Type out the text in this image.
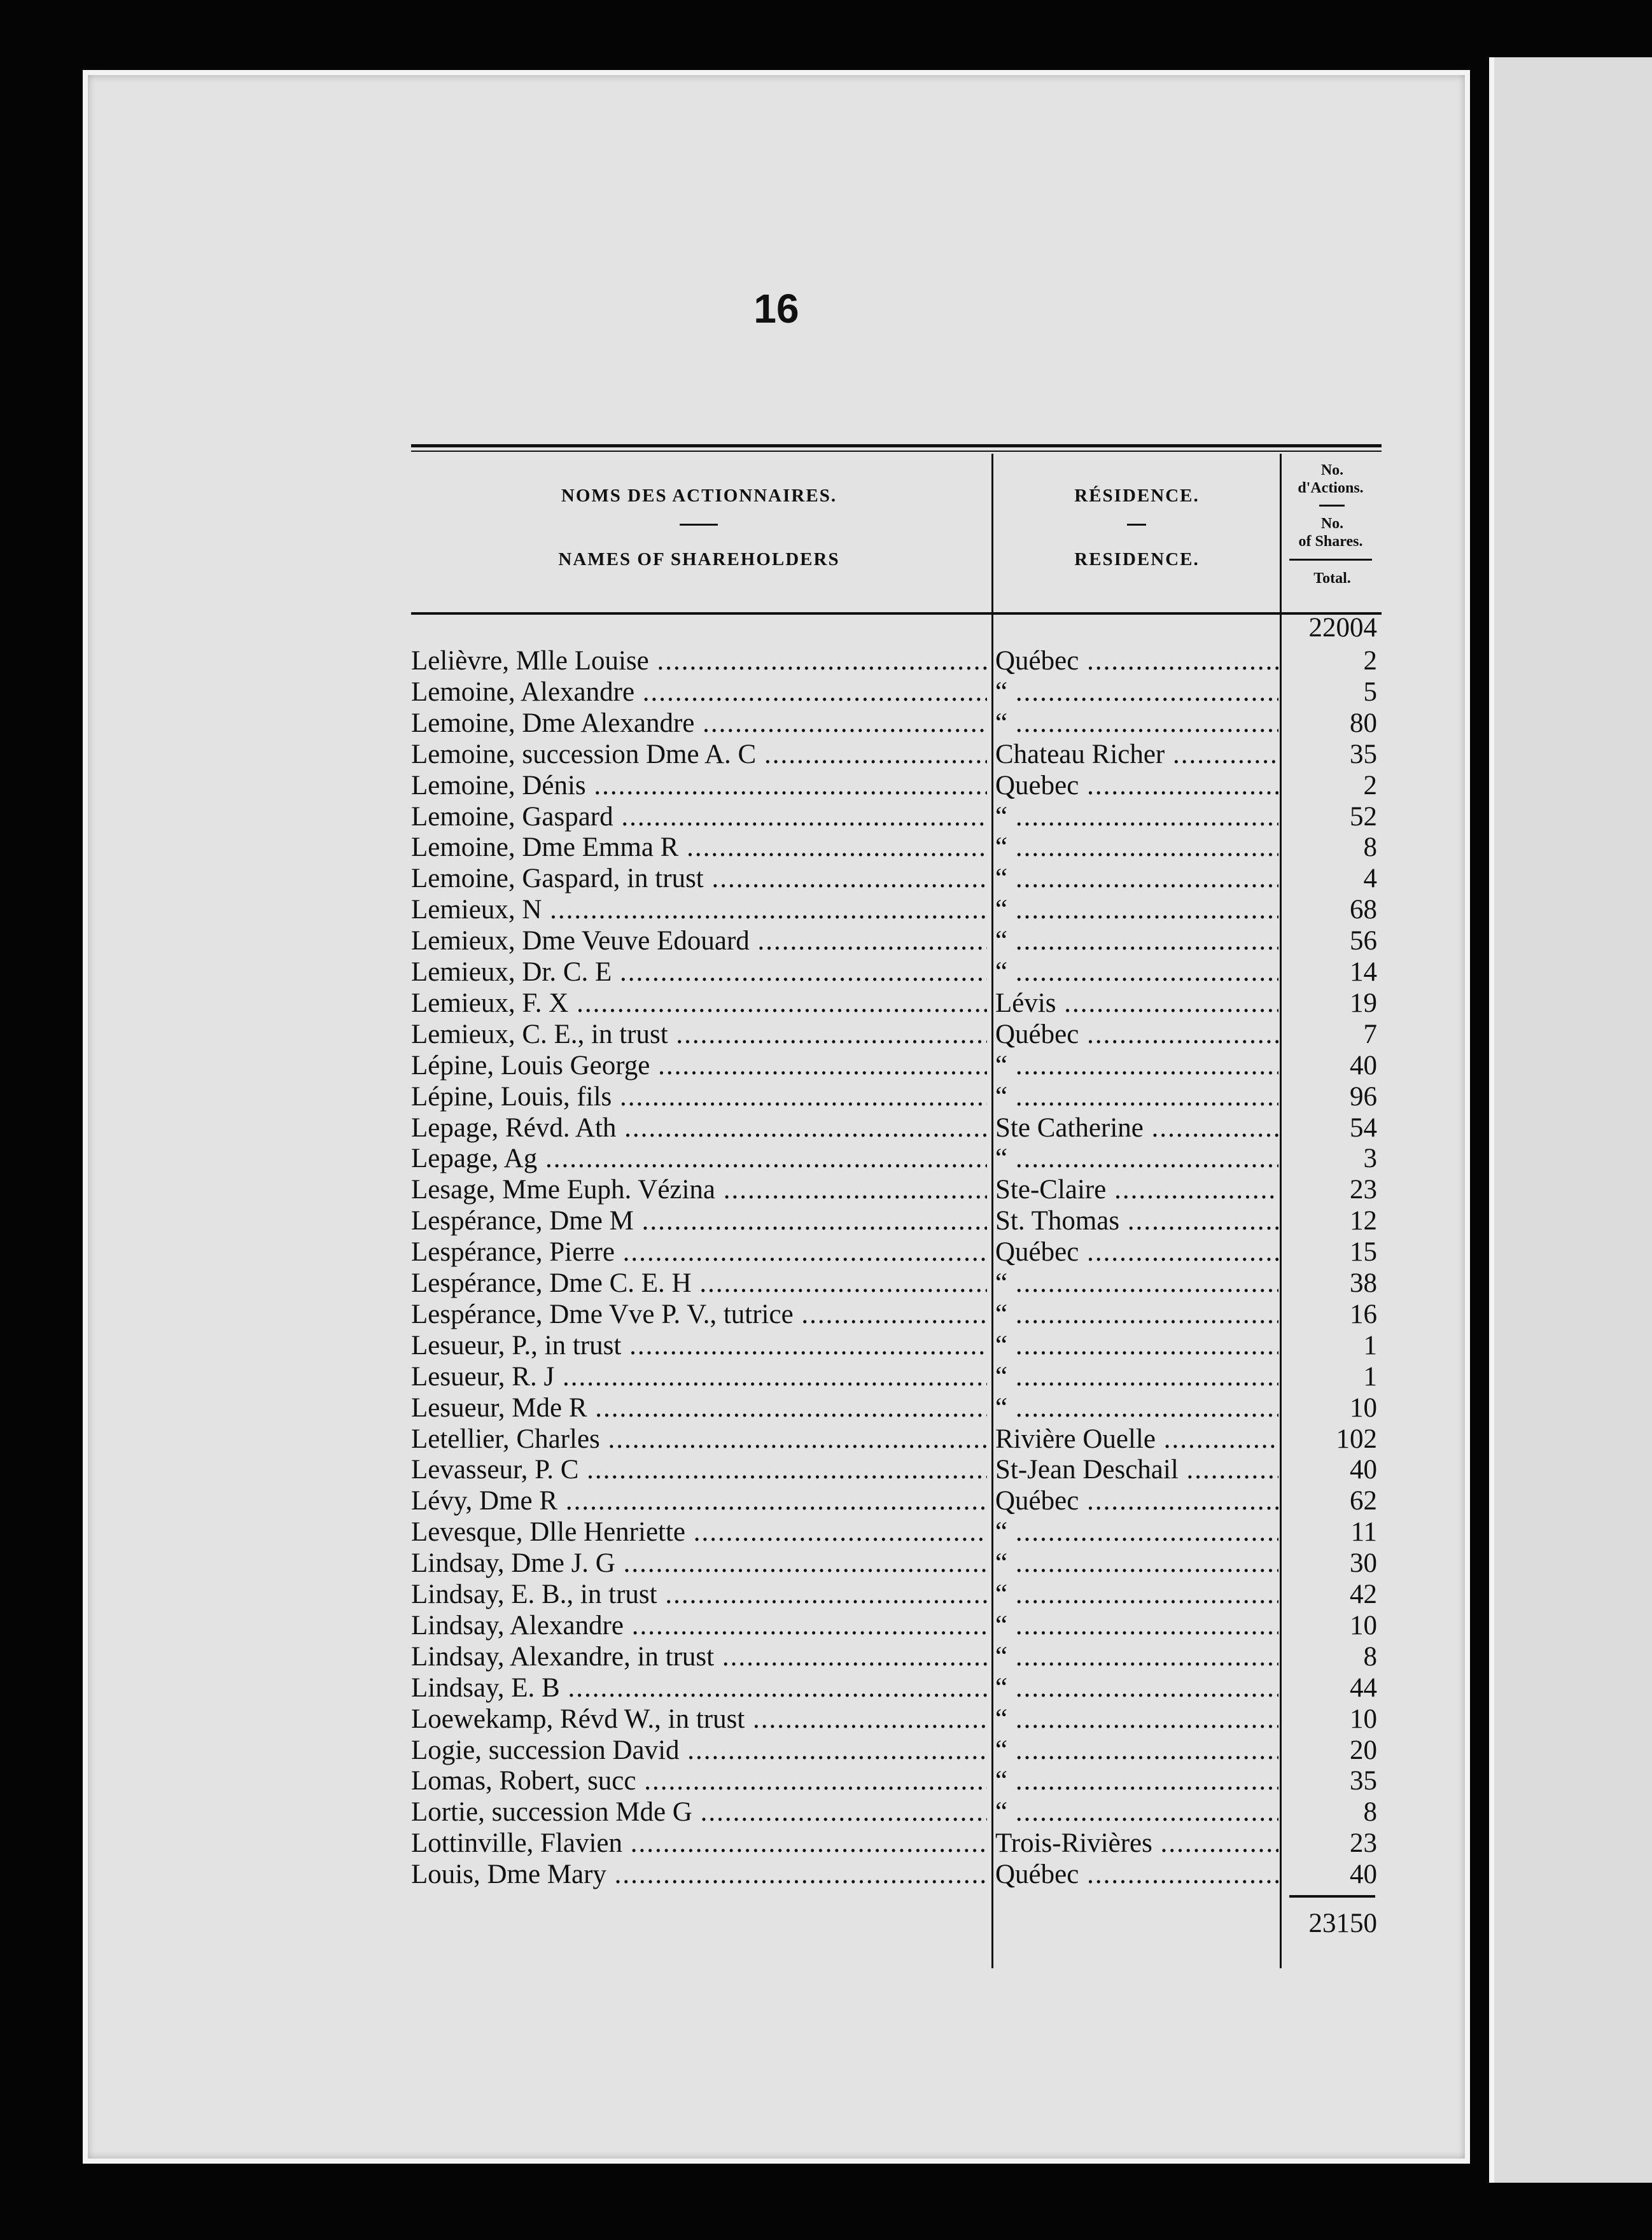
16
NOMS DES ACTIONNAIRES.
NAMES OF SHAREHOLDERS
RÉSIDENCE.
RESIDENCE.
No.
d'Actions.
No.
of Shares.
Total.
22004
Lelièvre, Mlle Louise .....	Québec .....	2
Lemoine, Alexandre .....	“ .....	5
Lemoine, Dme Alexandre .....	“ .....	80
Lemoine, succession Dme A. C .....	Chateau Richer .....	35
Lemoine, Dénis .....	Quebec .....	2
Lemoine, Gaspard .....	“ .....	52
Lemoine, Dme Emma R .....	“ .....	8
Lemoine, Gaspard, in trust .....	“ .....	4
Lemieux, N .....	“ .....	68
Lemieux, Dme Veuve Edouard .....	“ .....	56
Lemieux, Dr. C. E .....	“ .....	14
Lemieux, F. X .....	Lévis .....	19
Lemieux, C. E., in trust .....	Québec .....	7
Lépine, Louis George .....	“ .....	40
Lépine, Louis, fils .....	“ .....	96
Lepage, Révd. Ath .....	Ste Catherine .....	54
Lepage, Ag .....	“ .....	3
Lesage, Mme Euph. Vézina .....	Ste-Claire .....	23
Lespérance, Dme M .....	St. Thomas .....	12
Lespérance, Pierre .....	Québec .....	15
Lespérance, Dme C. E. H .....	“ .....	38
Lespérance, Dme Vve P. V., tutrice .....	“ .....	16
Lesueur, P., in trust .....	“ .....	1
Lesueur, R. J .....	“ .....	1
Lesueur, Mde R .....	“ .....	10
Letellier, Charles .....	Rivière Ouelle .....	102
Levasseur, P. C .....	St-Jean Deschail .....	40
Lévy, Dme R .....	Québec .....	62
Levesque, Dlle Henriette .....	“ .....	11
Lindsay, Dme J. G .....	“ .....	30
Lindsay, E. B., in trust .....	“ .....	42
Lindsay, Alexandre .....	“ .....	10
Lindsay, Alexandre, in trust .....	“ .....	8
Lindsay, E. B .....	“ .....	44
Loewekamp, Révd W., in trust .....	“ .....	10
Logie, succession David .....	“ .....	20
Lomas, Robert, succ .....	“ .....	35
Lortie, succession Mde G .....	“ .....	8
Lottinville, Flavien .....	Trois-Rivières .....	23
Louis, Dme Mary .....	Québec .....	40
23150
